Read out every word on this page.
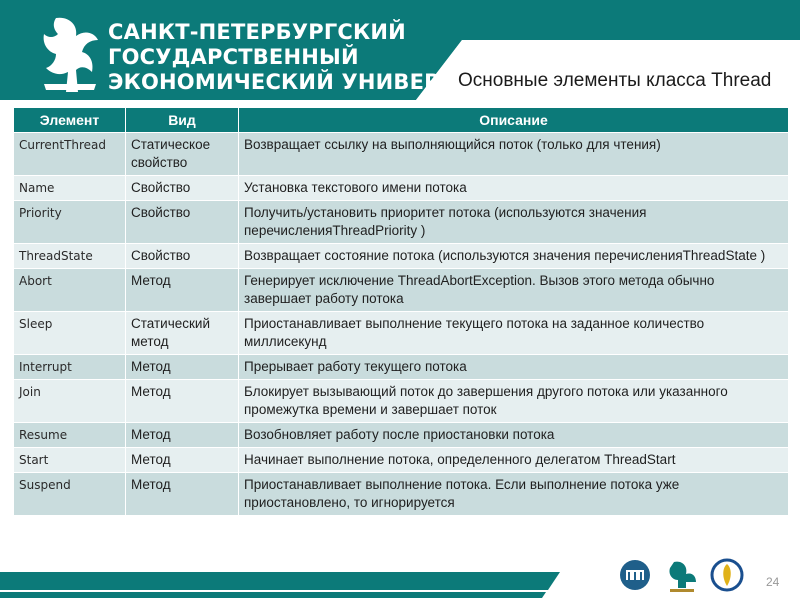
САНКТ-ПЕТЕРБУРГСКИЙ
ГОСУДАРСТВЕННЫЙ
ЭКОНОМИЧЕСКИЙ УНИВЕРСИТЕТ
Основные элементы класса Thread
Элемент	Вид	Описание
CurrentThread	Статическое свойство	Возвращает ссылку на выполняющийся поток (только для чтения)
Name	Свойство	Установка текстового имени потока
Priority	Свойство	Получить/установить приоритет потока (используются значения перечисленияThreadPriority )
ThreadState	Свойство	Возвращает состояние потока (используются значения перечисленияThreadState )
Abort	Метод	Генерирует исключение ThreadAbortException. Вызов этого метода обычно завершает работу потока
Sleep	Статический метод	Приостанавливает выполнение текущего потока на заданное количество миллисекунд
Interrupt	Метод	Прерывает работу текущего потока
Join	Метод	Блокирует вызывающий поток до завершения другого потока или указанного промежутка времени и завершает поток
Resume	Метод	Возобновляет работу после приостановки потока
Start	Метод	Начинает выполнение потока, определенного делегатом ThreadStart
Suspend	Метод	Приостанавливает выполнение потока. Если выполнение потока уже приостановлено, то игнорируется
24
